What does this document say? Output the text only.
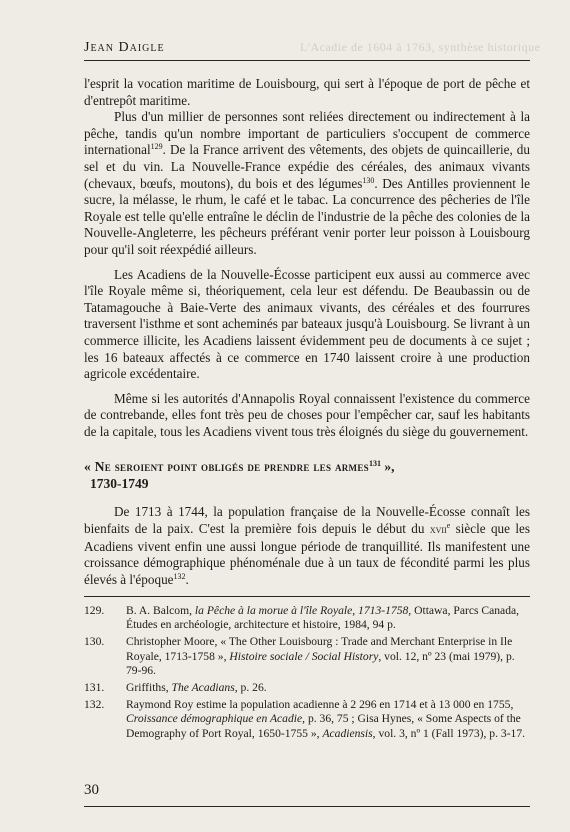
L'Acadie de 1604 à 1763, synthèse historique
Jean Daigle

l'esprit la vocation maritime de Louisbourg, qui sert à l'époque de port de pêche et d'entrepôt maritime.

Plus d'un millier de personnes sont reliées directement ou indirectement à la pêche, tandis qu'un nombre important de particuliers s'occupent de commerce international$^{129}$. De la France arrivent des vêtements, des objets de quincaillerie, du sel et du vin. La Nouvelle-France expédie des céréales, des animaux vivants (chevaux, bœufs, moutons), du bois et des légumes$^{130}$. Des Antilles proviennent le sucre, la mélasse, le rhum, le café et le tabac. La concurrence des pêcheries de l'île Royale est telle qu'elle entraîne le déclin de l'industrie de la pêche des colonies de la Nouvelle-Angleterre, les pêcheurs préférant venir porter leur poisson à Louisbourg pour qu'il soit réexpédié ailleurs.

Les Acadiens de la Nouvelle-Écosse participent eux aussi au commerce avec l'île Royale même si, théoriquement, cela leur est défendu. De Beaubassin ou de Tatamagouche à Baie-Verte des animaux vivants, des céréales et des fourrures traversent l'isthme et sont acheminés par bateaux jusqu'à Louisbourg. Se livrant à un commerce illicite, les Acadiens laissent évidemment peu de documents à ce sujet ; les 16 bateaux affectés à ce commerce en 1740 laissent croire à une production agricole excédentaire.

Même si les autorités d'Annapolis Royal connaissent l'existence du commerce de contrebande, elles font très peu de choses pour l'empêcher car, sauf les habitants de la capitale, tous les Acadiens vivent tous très éloignés du siège du gouvernement.

« Ne seroient point obligés de prendre les armes$^{131}$ »,
1730-1749

De 1713 à 1744, la population française de la Nouvelle-Écosse connaît les bienfaits de la paix. C'est la première fois depuis le début du xvii$^e$ siècle que les Acadiens vivent enfin une aussi longue période de tranquillité. Ils manifestent une croissance démographique phénoménale due à un taux de fécondité parmi les plus élevés à l'époque$^{132}$.

129.	B. A. Balcom, la Pêche à la morue à l'île Royale, 1713-1758, Ottawa, Parcs Canada, Études en archéologie, architecture et histoire, 1984, 94 p.
130.	Christopher Moore, « The Other Louisbourg : Trade and Merchant Enterprise in Ile Royale, 1713-1758 », Histoire sociale / Social History, vol. 12, nº 23 (mai 1979), p. 79-96.
131.	Griffiths, The Acadians, p. 26.
132.	Raymond Roy estime la population acadienne à 2 296 en 1714 et à 13 000 en 1755, Croissance démographique en Acadie, p. 36, 75 ; Gisa Hynes, « Some Aspects of the Demography of Port Royal, 1650-1755 », Acadiensis, vol. 3, nº 1 (Fall 1973), p. 3-17.
30
